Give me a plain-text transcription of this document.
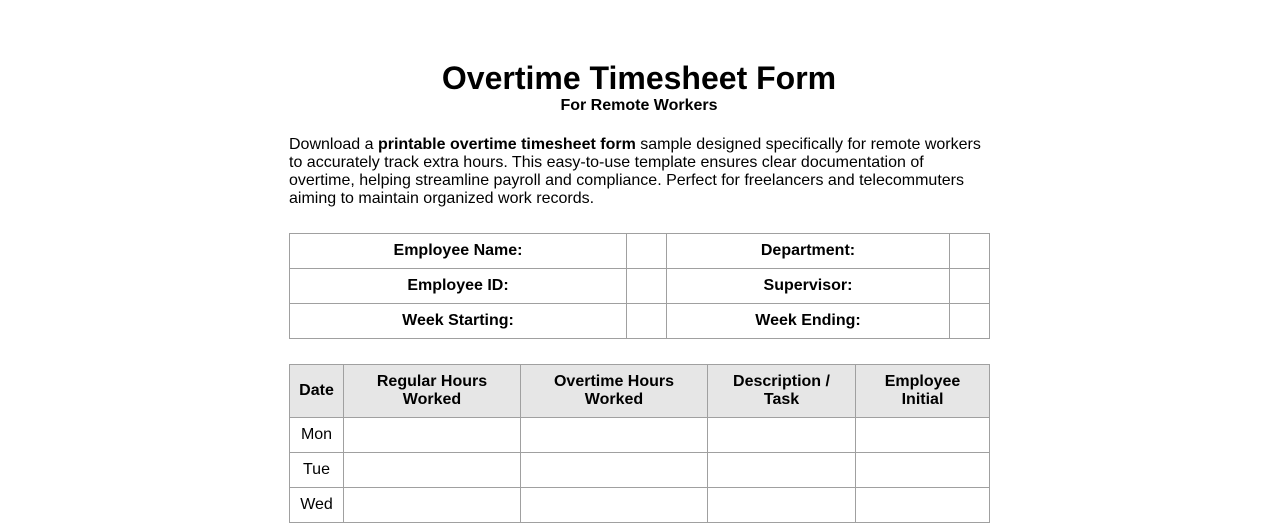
Overtime Timesheet Form

For Remote Workers

Download a printable overtime timesheet form sample designed specifically for remote workers to accurately track extra hours. This easy-to-use template ensures clear documentation of overtime, helping streamline payroll and compliance. Perfect for freelancers and telecommuters aiming to maintain organized work records.

Employee Name:		Department:	
Employee ID:		Supervisor:	
Week Starting:		Week Ending:	
Date	Regular Hours Worked	Overtime Hours Worked	Description / Task	Employee Initial
Mon				
Tue				
Wed				
